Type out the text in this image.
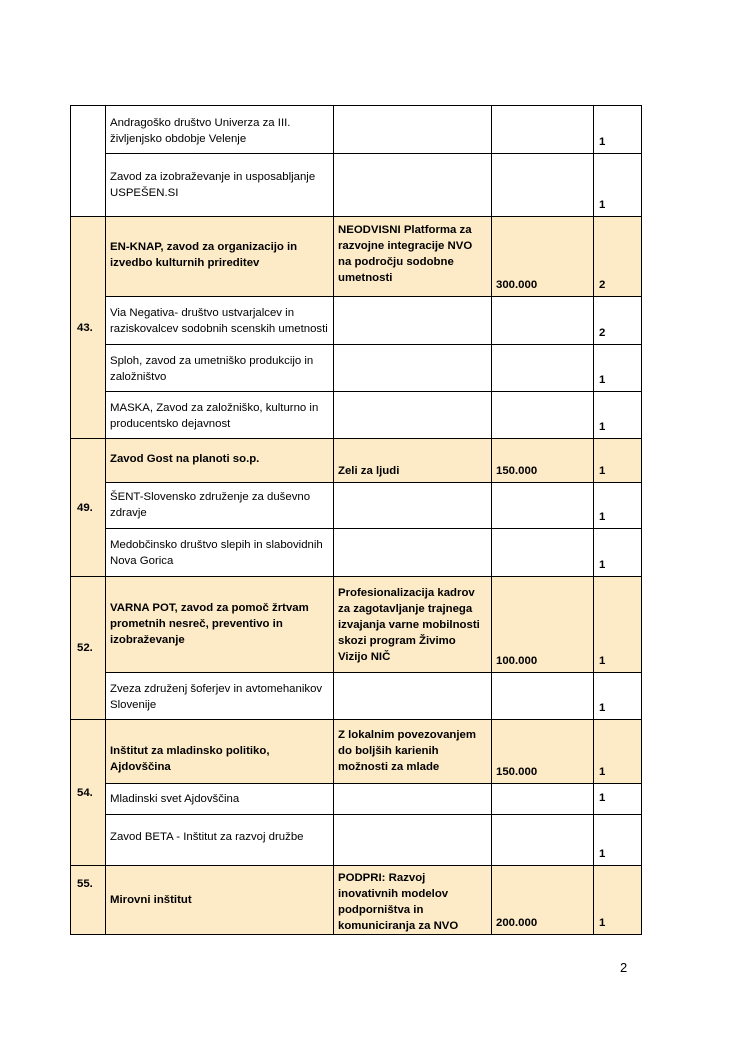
	Andragoško društvo Univerza za III. življenjsko obdobje Velenje			1
	Zavod za izobraževanje in usposabljanje USPEŠEN.SI			1
43.	EN-KNAP, zavod za organizacijo in izvedbo kulturnih prireditev	NEODVISNI Platforma za razvojne integracije NVO na področju sodobne umetnosti	300.000	2
	Via Negativa- društvo ustvarjalcev in raziskovalcev sodobnih scenskih umetnosti			2
	Sploh, zavod za umetniško produkcijo in založništvo			1
	MASKA, Zavod za založniško, kulturno in producentsko dejavnost			1
49.	Zavod Gost na planoti so.p.	Zeli za ljudi	150.000	1
	ŠENT-Slovensko združenje za duševno zdravje			1
	Medobčinsko društvo slepih in slabovidnih Nova Gorica			1
52.	VARNA POT, zavod za pomoč žrtvam prometnih nesreč, preventivo in izobraževanje	Profesionalizacija kadrov za zagotavljanje trajnega izvajanja varne mobilnosti skozi program Živimo Vizijo NIČ	100.000	1
	Zveza združenj šoferjev in avtomehanikov Slovenije			1
54.	Inštitut za mladinsko politiko, Ajdovščina	Z lokalnim povezovanjem do boljših karienih možnosti za mlade	150.000	1
	Mladinski svet Ajdovščina			1
	Zavod BETA - Inštitut za razvoj družbe			1
55.	Mirovni inštitut	PODPRI: Razvoj inovativnih modelov podporništva in komuniciranja za NVO	200.000	1
2
